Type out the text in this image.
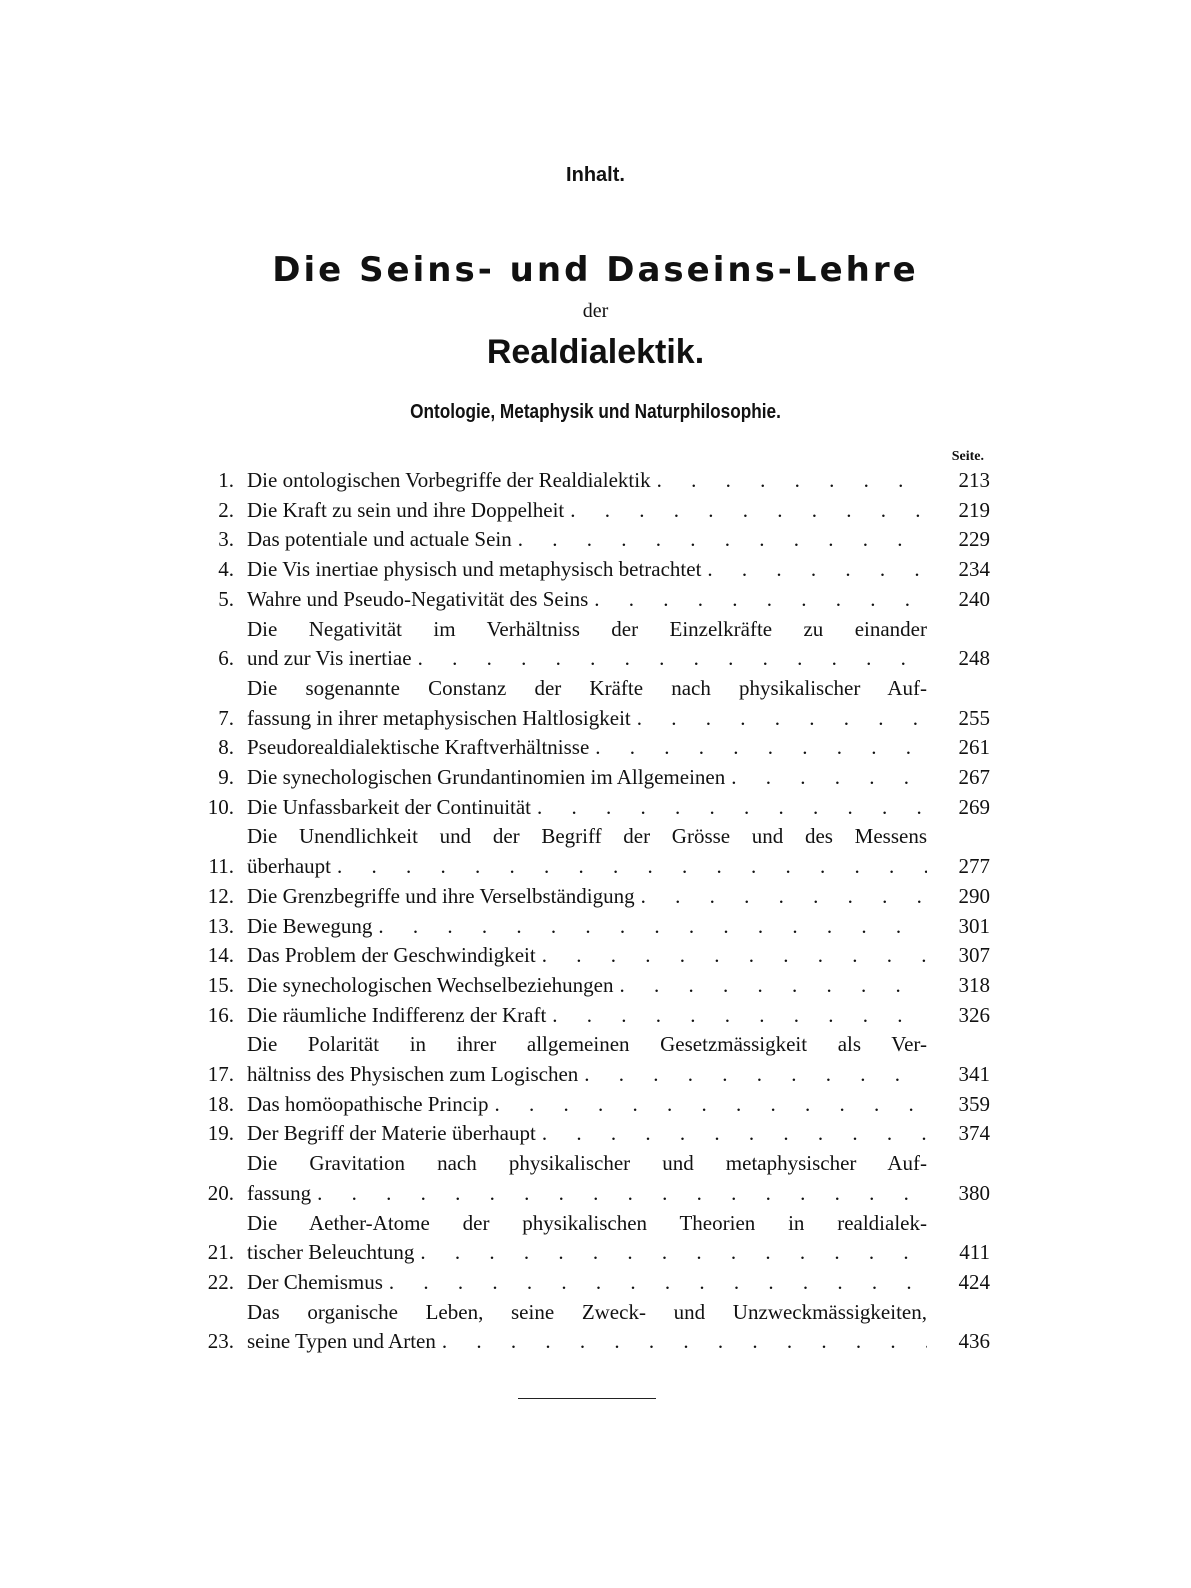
Inhalt.
Die Seins- und Daseins-Lehre
der
Realdialektik.
Ontologie, Metaphysik und Naturphilosophie.
Seite.
1. Die ontologischen Vorbegriffe der Realdialektik . . .	213
2. Die Kraft zu sein und ihre Doppelheit . . .	219
3. Das potentiale und actuale Sein . . .	229
4. Die Vis inertiae physisch und metaphysisch betrachtet . . .	234
5. Wahre und Pseudo-Negativität des Seins . . .	240
6.
Die Negativität im Verhältniss der Einzelkräfte zu einander
und zur Vis inertiae . . .	248
7.
Die sogenannte Constanz der Kräfte nach physikalischer Auf-
fassung in ihrer metaphysischen Haltlosigkeit . . .	255
8. Pseudorealdialektische Kraftverhältnisse . . .	261
9. Die synechologischen Grundantinomien im Allgemeinen . . .	267
10. Die Unfassbarkeit der Continuität . . .	269
11.
Die Unendlichkeit und der Begriff der Grösse und des Messens
überhaupt . . .	277
12. Die Grenzbegriffe und ihre Verselbständigung . . .	290
13. Die Bewegung . . .	301
14. Das Problem der Geschwindigkeit . . .	307
15. Die synechologischen Wechselbeziehungen . . .	318
16. Die räumliche Indifferenz der Kraft . . .	326
17.
Die Polarität in ihrer allgemeinen Gesetzmässigkeit als Ver-
hältniss des Physischen zum Logischen . . .	341
18. Das homöopathische Princip . . .	359
19. Der Begriff der Materie überhaupt . . .	374
20.
Die Gravitation nach physikalischer und metaphysischer Auf-
fassung . . .	380
21.
Die Aether-Atome der physikalischen Theorien in realdialek-
tischer Beleuchtung . . .	411
22. Der Chemismus . . .	424
23.
Das organische Leben, seine Zweck- und Unzweckmässigkeiten,
seine Typen und Arten . . .	436
